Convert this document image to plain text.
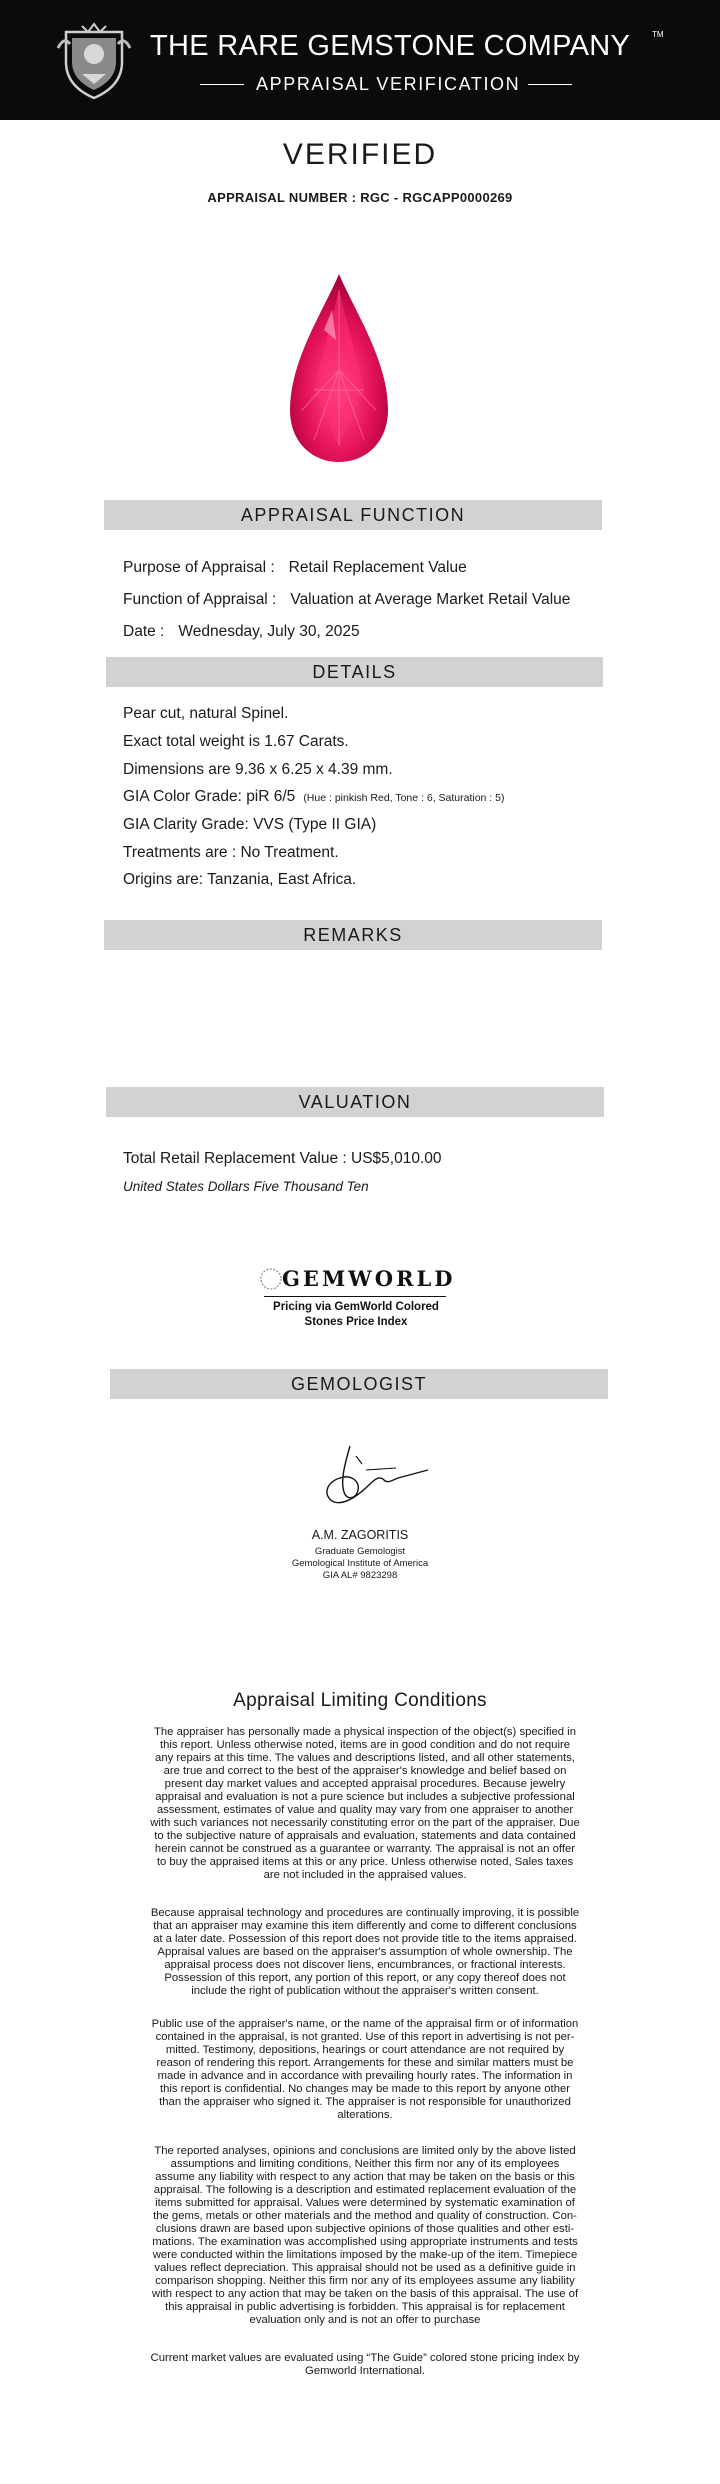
THE RARE GEMSTONE COMPANY	TM
APPRAISAL VERIFICATION
VERIFIED
APPRAISAL NUMBER : RGC - RGCAPP0000269
APPRAISAL FUNCTION
Purpose of Appraisal : Retail Replacement Value
Function of Appraisal : Valuation at Average Market Retail Value
Date : Wednesday, July 30, 2025
DETAILS
Pear cut, natural Spinel.
Exact total weight is 1.67 Carats.
Dimensions are 9.36 x 6.25 x 4.39 mm.
GIA Color Grade: piR 6/5 (Hue : pinkish Red, Tone : 6, Saturation : 5)
GIA Clarity Grade: VVS (Type II GIA)
Treatments are : No Treatment.
Origins are: Tanzania, East Africa.
REMARKS
VALUATION
Total Retail Replacement Value : US$5,010.00
United States Dollars Five Thousand Ten
GEMWORLD
Pricing via GemWorld Colored
Stones Price Index
GEMOLOGIST
A.M. ZAGORITIS
Graduate Gemologist
Gemological Institute of America
GIA AL# 9823298
Appraisal Limiting Conditions
The appraiser has personally made a physical inspection of the object(s) specified in
this report. Unless otherwise noted, items are in good condition and do not require
any repairs at this time. The values and descriptions listed, and all other statements,
are true and correct to the best of the appraiser's knowledge and belief based on
present day market values and accepted appraisal procedures. Because jewelry
appraisal and evaluation is not a pure science but includes a subjective professional
assessment, estimates of value and quality may vary from one appraiser to another
with such variances not necessarily constituting error on the part of the appraiser. Due
to the subjective nature of appraisals and evaluation, statements and data contained
herein cannot be construed as a guarantee or warranty. The appraisal is not an offer
to buy the appraised items at this or any price. Unless otherwise noted, Sales taxes
are not included in the appraised values.
Because appraisal technology and procedures are continually improving, it is possible
that an appraiser may examine this item differently and come to different conclusions
at a later date. Possession of this report does not provide title to the items appraised.
Appraisal values are based on the appraiser's assumption of whole ownership. The
appraisal process does not discover liens, encumbrances, or fractional interests.
Possession of this report, any portion of this report, or any copy thereof does not
include the right of publication without the appraiser's written consent.
Public use of the appraiser's name, or the name of the appraisal firm or of information
contained in the appraisal, is not granted. Use of this report in advertising is not per-
mitted. Testimony, depositions, hearings or court attendance are not required by
reason of rendering this report. Arrangements for these and similar matters must be
made in advance and in accordance with prevailing hourly rates. The information in
this report is confidential. No changes may be made to this report by anyone other
than the appraiser who signed it. The appraiser is not responsible for unauthorized
alterations.
The reported analyses, opinions and conclusions are limited only by the above listed
assumptions and limiting conditions, Neither this firm nor any of its employees
assume any liability with respect to any action that may be taken on the basis or this
appraisal. The following is a description and estimated replacement evaluation of the
items submitted for appraisal. Values were determined by systematic examination of
the gems, metals or other materials and the method and quality of construction. Con-
clusions drawn are based upon subjective opinions of those qualities and other esti-
mations. The examination was accomplished using appropriate instruments and tests
were conducted within the limitations imposed by the make-up of the item. Timepiece
values reflect depreciation. This appraisal should not be used as a definitive guide in
comparison shopping. Neither this firm nor any of its employees assume any liability
with respect to any action that may be taken on the basis of this appraisal. The use of
this appraisal in public advertising is forbidden. This appraisal is for replacement
evaluation only and is not an offer to purchase
Current market values are evaluated using “The Guide” colored stone pricing index by
Gemworld International.
